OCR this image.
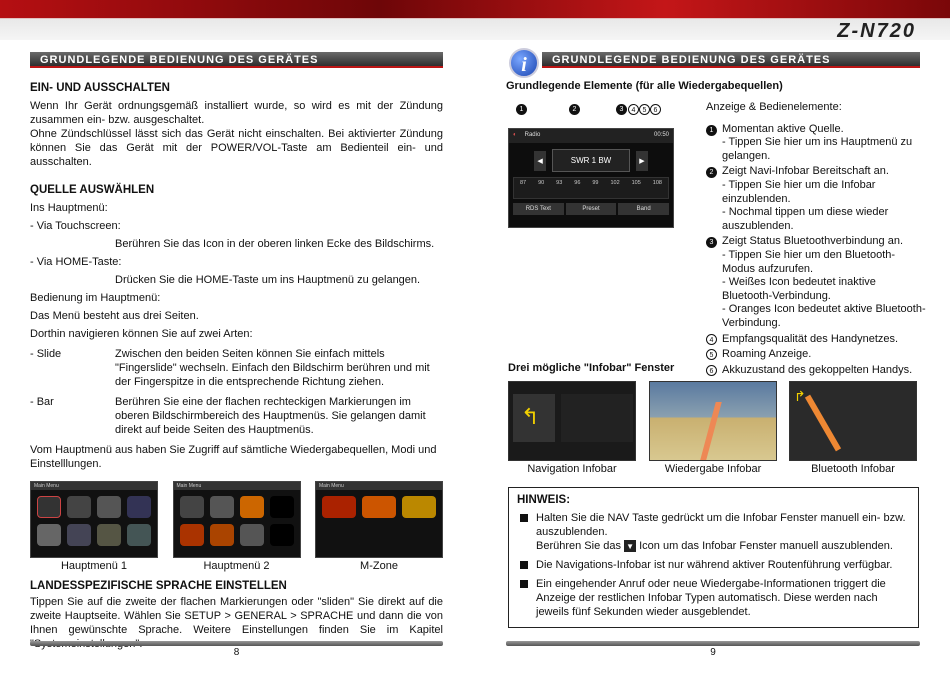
Z-N720
GRUNDLEGENDE BEDIENUNG DES GERÄTES
EIN- UND AUSSCHALTEN

Wenn Ihr Gerät ordnungsgemäß installiert wurde, so wird es mit der Zündung zusammen ein- bzw. ausgeschaltet.

Ohne Zündschlüssel lässt sich das Gerät nicht einschalten. Bei aktivierter Zündung können Sie das Gerät mit der POWER/VOL-Taste am Bedienteil ein- und ausschalten.

QUELLE AUSWÄHLEN

Ins Hauptmenü:

- Via Touchscreen:

Berühren Sie das Icon in der oberen linken Ecke des Bildschirms.

- Via HOME-Taste:

Drücken Sie die HOME-Taste um ins Hauptmenü zu gelangen.

Bedienung im Hauptmenü:

Das Menü besteht aus drei Seiten.

Dorthin navigieren können Sie auf zwei Arten:

- Slide	Zwischen den beiden Seiten können Sie einfach mittels "Fingerslide" wechseln. Einfach den Bildschirm berühren und mit der Fingerspitze in die entsprechende Richtung ziehen.
- Bar	Berühren Sie eine der flachen rechteckigen Markierungen im oberen Bildschirmbereich des Hauptmenüs. Sie gelangen damit direkt auf beide Seiten des Hauptmenüs.

Vom Hauptmenü aus haben Sie Zugriff auf sämtliche Wiedergabequellen, Modi und Einstelllungen.

Main Menu
Hauptmenü 1
Main Menu
Hauptmenü 2
Main Menu
M-Zone
LANDESSPEZIFISCHE SPRACHE EINSTELLEN

Tippen Sie auf die zweite der flachen Markierungen oder "sliden" Sie direkt auf die zweite Hauptseite. Wählen Sie SETUP > GENERAL > SPRACHE und dann die von Ihnen gewünschte Sprache. Weitere Einstellungen finden Sie im Kapitel

8
i	GRUNDLEGENDE BEDIENUNG DES GERÄTES
Grundlegende Elemente (für alle Wiedergabequellen)
1	2	3	4	5	6
◐ Radio	00:50
◀	SWR 1 BW	▶
87 90 93 96 99 102 105 108
RDS Text	Preset	Band
Anzeige & Bedienelemente:
1 Momentan aktive Quelle.
- Tippen Sie hier um ins Hauptmenü zu gelangen.
2 Zeigt Navi-Infobar Bereitschaft an.
- Tippen Sie hier um die Infobar einzublenden.
- Nochmal tippen um diese wieder auszublenden.
3 Zeigt Status Bluetoothverbindung an.
- Tippen Sie hier um den Bluetooth-Modus aufzurufen.
- Weißes Icon bedeutet inaktive Bluetooth-Verbindung.
- Oranges Icon bedeutet aktive Bluetooth-Verbindung.
4 Empfangsqualität des Handynetzes.
5 Roaming Anzeige.
6 Akkuzustand des gekoppelten Handys.
Drei mögliche "Infobar" Fenster
↰
↱
Navigation Infobar	Wiedergabe Infobar	Bluetooth Infobar
HINWEIS:
Halten Sie die NAV Taste gedrückt um die Infobar Fenster manuell ein- bzw. auszublenden.
Berühren Sie das ▼ Icon um das Infobar Fenster manuell auszublenden.
Die Navigations-Infobar ist nur während aktiver Routenführung verfügbar.
Ein eingehender Anruf oder neue Wiedergabe-Informationen triggert die Anzeige der restlichen Infobar Typen automatisch. Diese werden nach jeweils fünf Sekunden wieder ausgeblendet.
9
